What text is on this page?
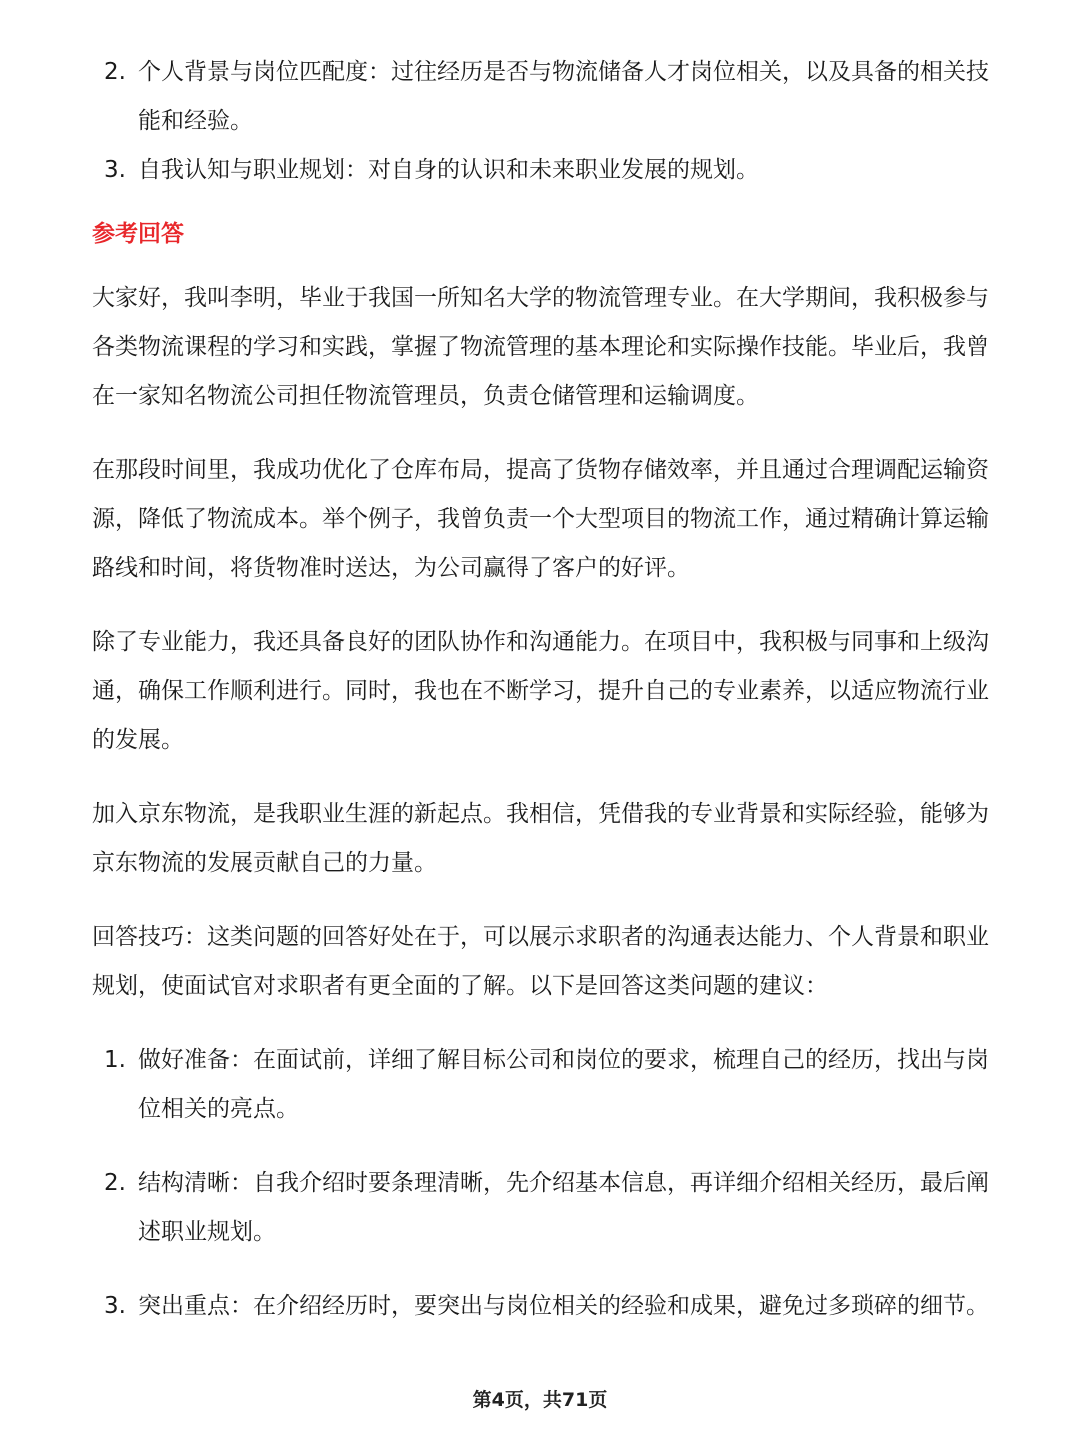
2. 个人背景与岗位匹配度：过往经历是否与物流储备人才岗位相关，以及具备的相关技能和经验。
3. 自我认知与职业规划：对自身的认识和未来职业发展的规划。
参考回答

大家好，我叫李明，毕业于我国一所知名大学的物流管理专业。在大学期间，我积极参与各类物流课程的学习和实践，掌握了物流管理的基本理论和实际操作技能。毕业后，我曾在一家知名物流公司担任物流管理员，负责仓储管理和运输调度。

在那段时间里，我成功优化了仓库布局，提高了货物存储效率，并且通过合理调配运输资源，降低了物流成本。举个例子，我曾负责一个大型项目的物流工作，通过精确计算运输路线和时间，将货物准时送达，为公司赢得了客户的好评。

除了专业能力，我还具备良好的团队协作和沟通能力。在项目中，我积极与同事和上级沟通，确保工作顺利进行。同时，我也在不断学习，提升自己的专业素养，以适应物流行业的发展。

加入京东物流，是我职业生涯的新起点。我相信，凭借我的专业背景和实际经验，能够为京东物流的发展贡献自己的力量。

回答技巧：这类问题的回答好处在于，可以展示求职者的沟通表达能力、个人背景和职业规划，使面试官对求职者有更全面的了解。以下是回答这类问题的建议：

1. 做好准备：在面试前，详细了解目标公司和岗位的要求，梳理自己的经历，找出与岗位相关的亮点。
2. 结构清晰：自我介绍时要条理清晰，先介绍基本信息，再详细介绍相关经历，最后阐述职业规划。
3. 突出重点：在介绍经历时，要突出与岗位相关的经验和成果，避免过多琐碎的细节。
第4页，共71页
